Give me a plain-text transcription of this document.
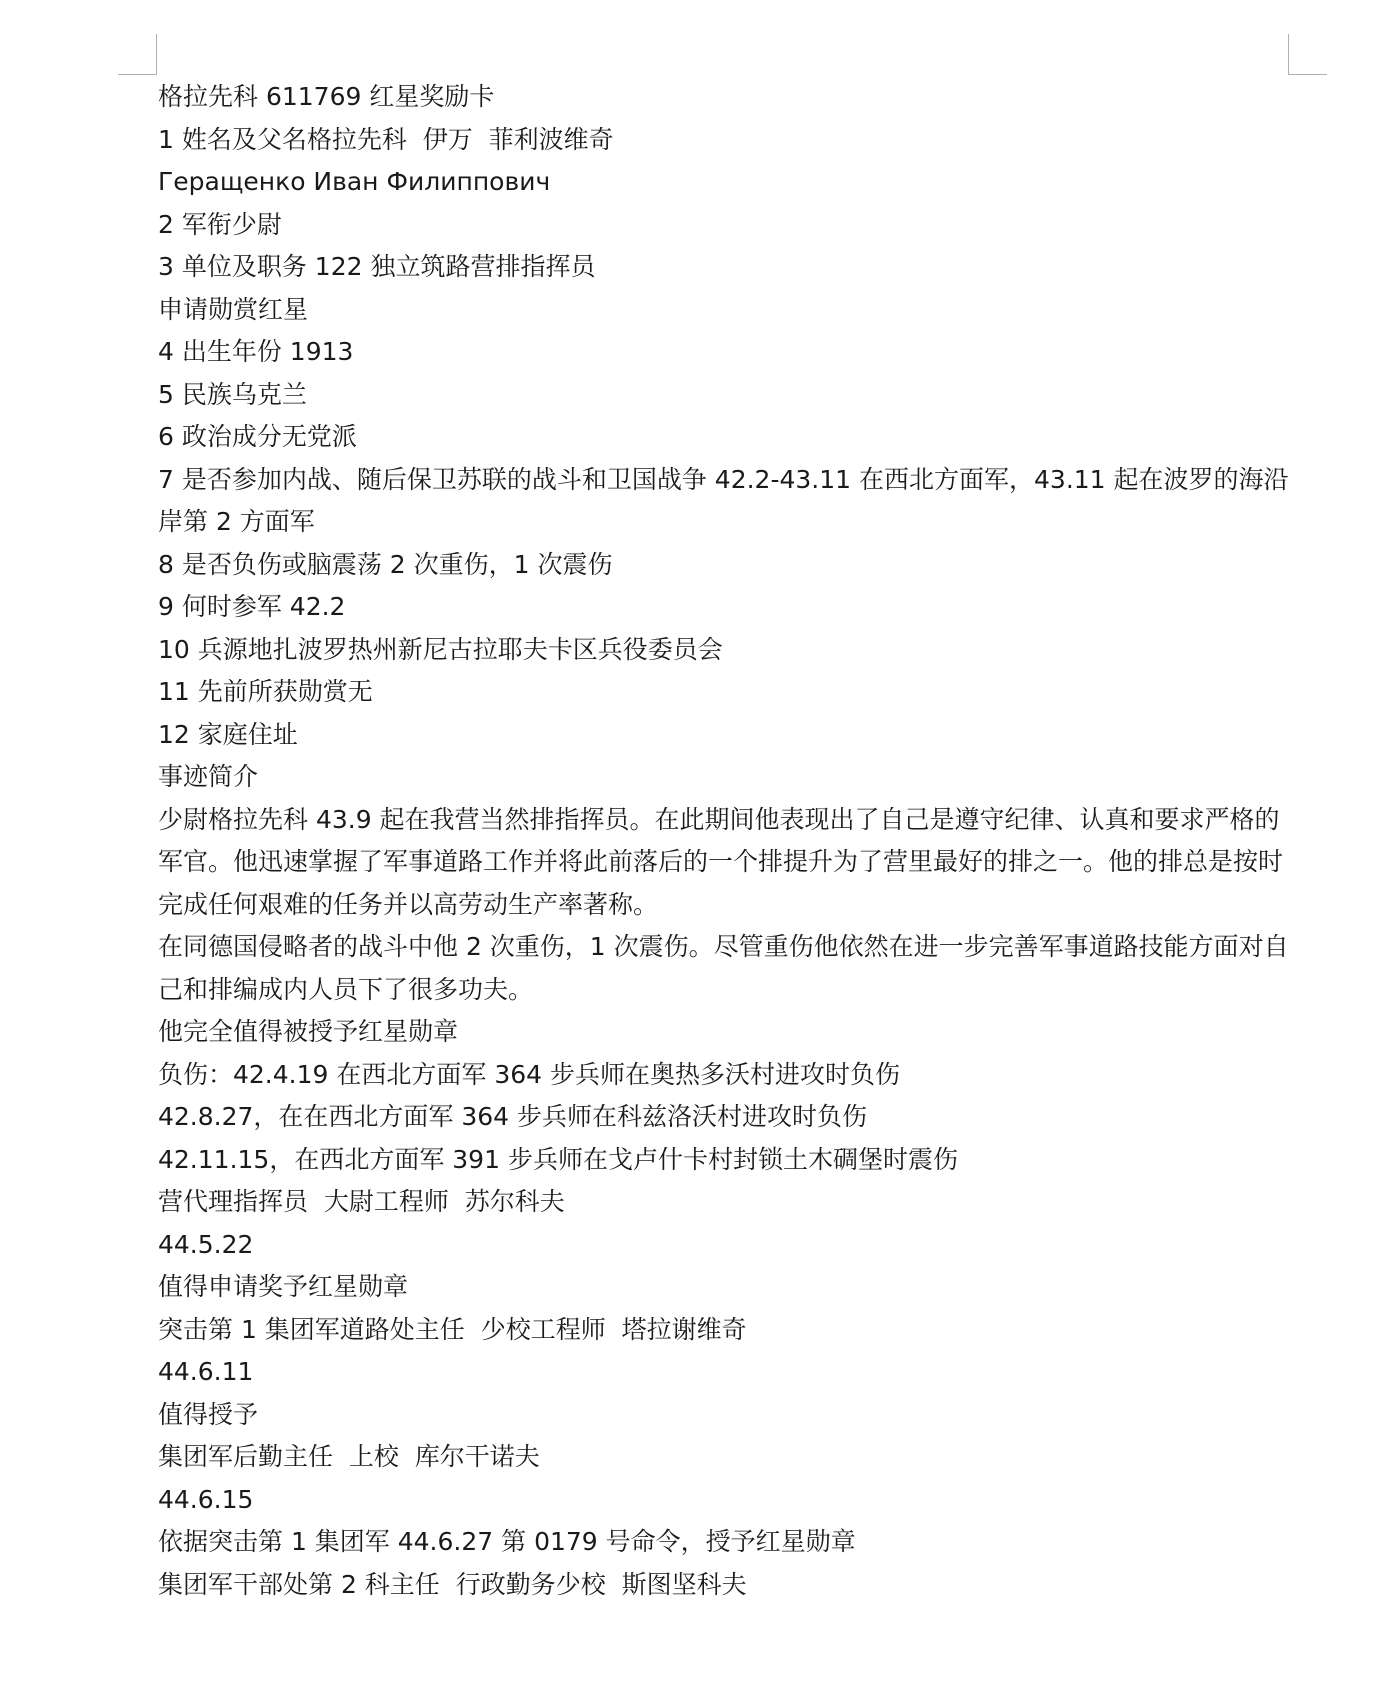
格拉先科 611769 红星奖励卡

1 姓名及父名格拉先科  伊万  菲利波维奇

Геращенко Иван Филиппович

2 军衔少尉

3 单位及职务 122 独立筑路营排指挥员

申请勋赏红星

4 出生年份 1913

5 民族乌克兰

6 政治成分无党派

7 是否参加内战、随后保卫苏联的战斗和卫国战争 42.2-43.11 在西北方面军，43.11 起在波罗的海沿岸第 2 方面军

8 是否负伤或脑震荡 2 次重伤，1 次震伤

9 何时参军 42.2

10 兵源地扎波罗热州新尼古拉耶夫卡区兵役委员会

11 先前所获勋赏无

12 家庭住址

事迹简介

少尉格拉先科 43.9 起在我营当然排指挥员。在此期间他表现出了自己是遵守纪律、认真和要求严格的军官。他迅速掌握了军事道路工作并将此前落后的一个排提升为了营里最好的排之一。他的排总是按时完成任何艰难的任务并以高劳动生产率著称。

在同德国侵略者的战斗中他 2 次重伤，1 次震伤。尽管重伤他依然在进一步完善军事道路技能方面对自己和排编成内人员下了很多功夫。

他完全值得被授予红星勋章

负伤：42.4.19 在西北方面军 364 步兵师在奥热多沃村进攻时负伤

42.8.27，在在西北方面军 364 步兵师在科兹洛沃村进攻时负伤

42.11.15，在西北方面军 391 步兵师在戈卢什卡村封锁土木碉堡时震伤

营代理指挥员  大尉工程师  苏尔科夫

44.5.22

值得申请奖予红星勋章

突击第 1 集团军道路处主任  少校工程师  塔拉谢维奇

44.6.11

值得授予

集团军后勤主任  上校  库尔干诺夫

44.6.15

依据突击第 1 集团军 44.6.27 第 0179 号命令，授予红星勋章

集团军干部处第 2 科主任  行政勤务少校  斯图坚科夫
